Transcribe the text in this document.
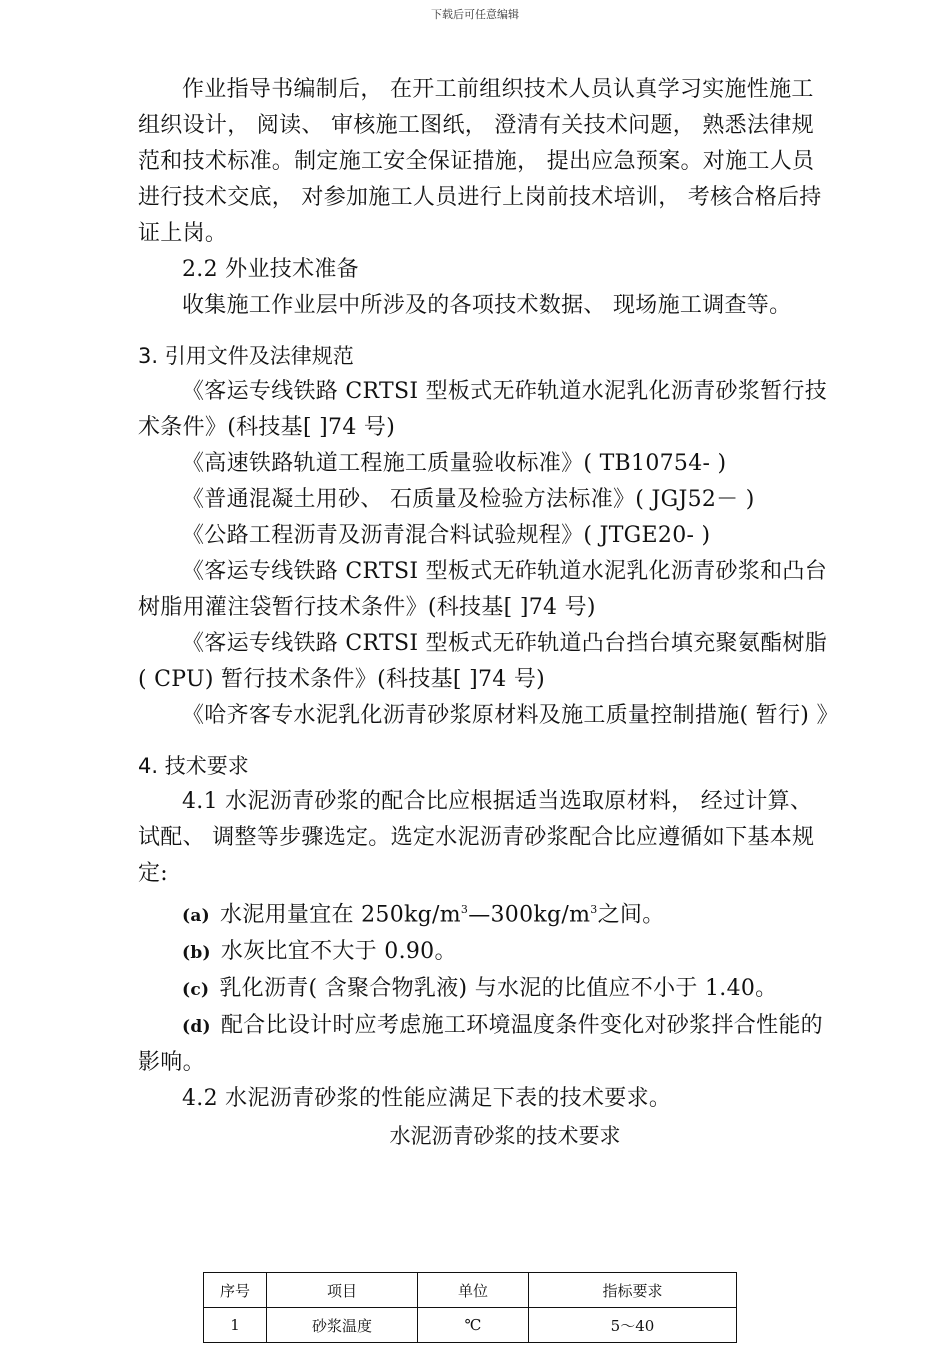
下载后可任意编辑

作业指导书编制后， 在开工前组织技术人员认真学习实施性施工组织设计， 阅读、 审核施工图纸， 澄清有关技术问题， 熟悉法律规范和技术标准。制定施工安全保证措施， 提出应急预案。对施工人员进行技术交底， 对参加施工人员进行上岗前技术培训， 考核合格后持证上岗。

2.2 外业技术准备

收集施工作业层中所涉及的各项技术数据、 现场施工调查等。

3. 引用文件及法律规范

《客运专线铁路 CRTSI 型板式无砟轨道水泥乳化沥青砂浆暂行技术条件》(科技基[ ]74 号)

《高速铁路轨道工程施工质量验收标准》( TB10754- )

《普通混凝土用砂、 石质量及检验方法标准》( JGJ52－ )

《公路工程沥青及沥青混合料试验规程》( JTGE20- )

《客运专线铁路 CRTSI 型板式无砟轨道水泥乳化沥青砂浆和凸台树脂用灌注袋暂行技术条件》(科技基[ ]74 号)

《客运专线铁路 CRTSI 型板式无砟轨道凸台挡台填充聚氨酯树脂( CPU) 暂行技术条件》(科技基[ ]74 号)

《哈齐客专水泥乳化沥青砂浆原材料及施工质量控制措施( 暂行) 》

4. 技术要求

4.1 水泥沥青砂浆的配合比应根据适当选取原材料， 经过计算、 试配、 调整等步骤选定。选定水泥沥青砂浆配合比应遵循如下基本规定:

(a) 水泥用量宜在 $250kg/m^3—300kg/m^3$之间。

(b) 水灰比宜不大于 0.90。

(c) 乳化沥青( 含聚合物乳液) 与水泥的比值应不小于 1.40。

(d) 配合比设计时应考虑施工环境温度条件变化对砂浆拌合性能的影响。

4.2 水泥沥青砂浆的性能应满足下表的技术要求。

水泥沥青砂浆的技术要求

序号	项目	单位	指标要求
1	砂浆温度	℃	5～40
